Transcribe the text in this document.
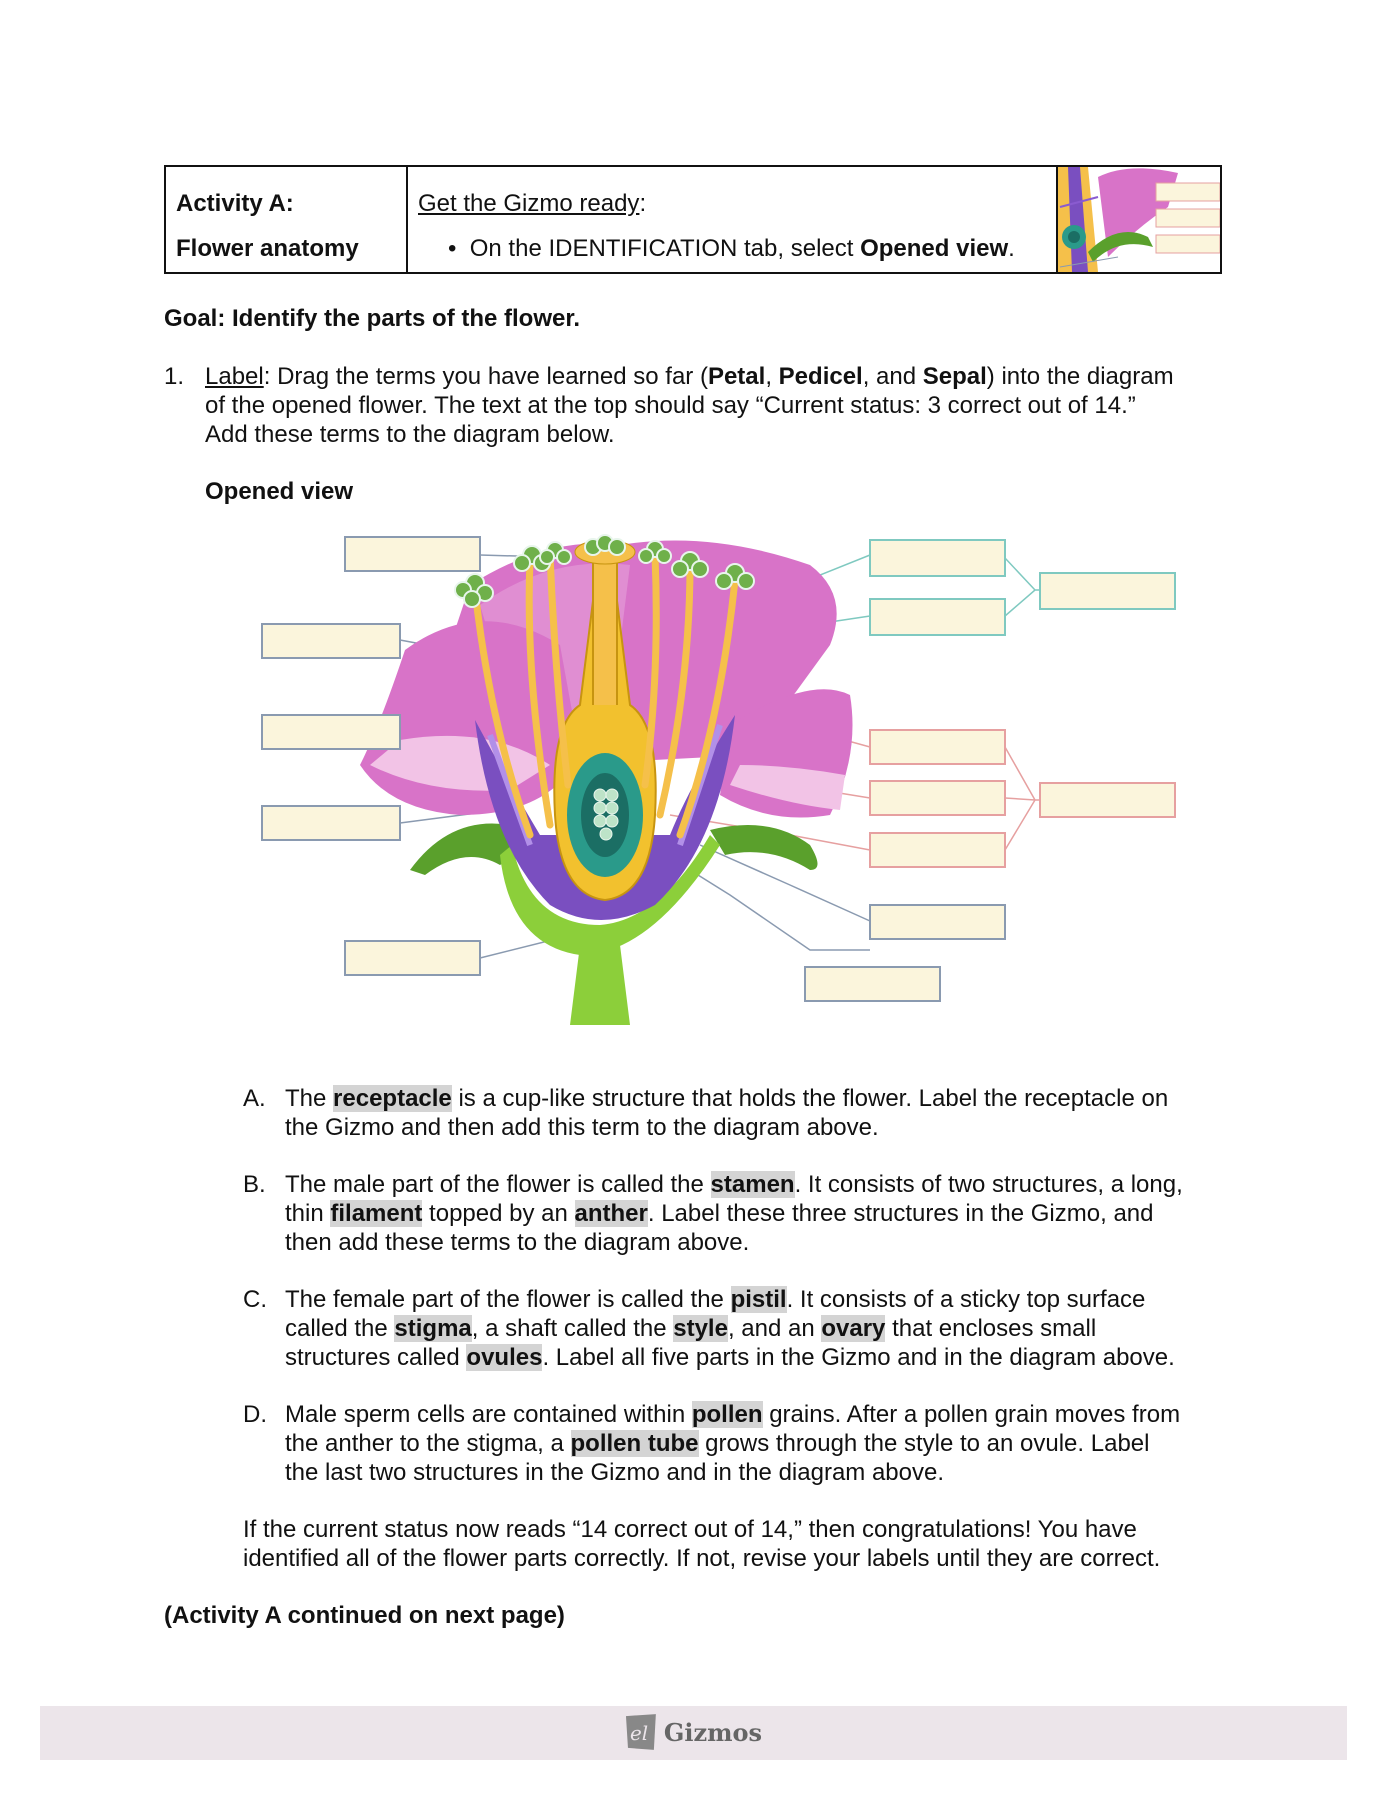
Activity A:
Flower anatomy
Get the Gizmo ready:
• On the IDENTIFICATION tab, select Opened view.
Goal: Identify the parts of the flower.
1. Label: Drag the terms you have learned so far (Petal, Pedicel, and Sepal) into the diagram
of the opened flower. The text at the top should say “Current status: 3 correct out of 14.”
Add these terms to the diagram below.
Opened view
A. The receptacle is a cup-like structure that holds the flower. Label the receptacle on
the Gizmo and then add this term to the diagram above.
B. The male part of the flower is called the stamen. It consists of two structures, a long,
thin filament topped by an anther. Label these three structures in the Gizmo, and
then add these terms to the diagram above.
C. The female part of the flower is called the pistil. It consists of a sticky top surface
called the stigma, a shaft called the style, and an ovary that encloses small
structures called ovules. Label all five parts in the Gizmo and in the diagram above.
D. Male sperm cells are contained within pollen grains. After a pollen grain moves from
the anther to the stigma, a pollen tube grows through the style to an ovule. Label
the last two structures in the Gizmo and in the diagram above.
If the current status now reads “14 correct out of 14,” then congratulations! You have
identified all of the flower parts correctly. If not, revise your labels until they are correct.
(Activity A continued on next page)
el Gizmos
